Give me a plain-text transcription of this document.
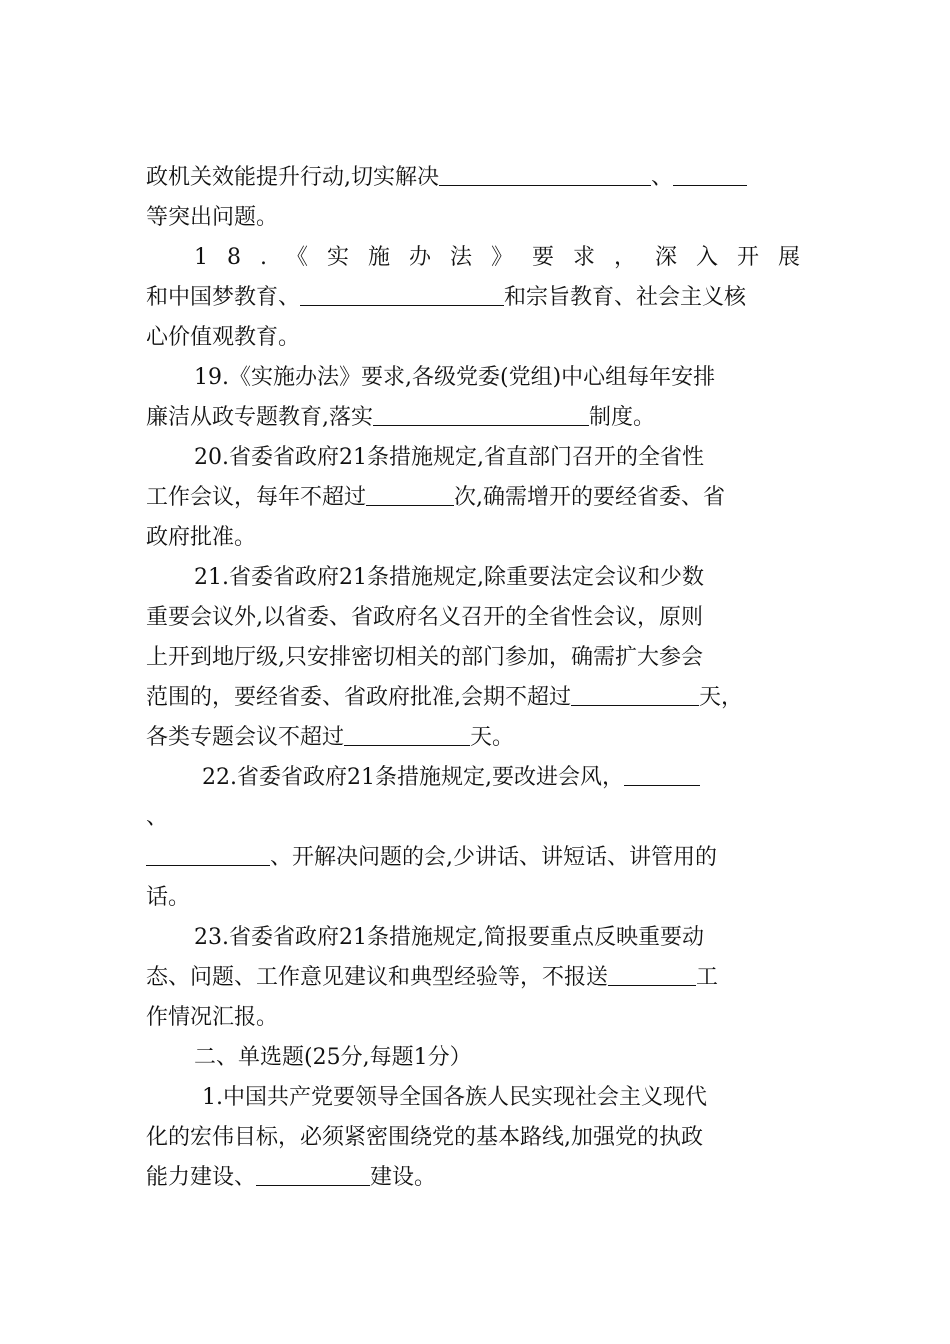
政机关效能提升行动,切实解决	、
等突出问题。
18.《实施办法》要求，深入开展
和中国梦教育、	和宗旨教育、社会主义核
心价值观教育。
19.《实施办法》要求,各级党委(党组)中心组每年安排
廉洁从政专题教育,落实	制度。
20.省委省政府21条措施规定,省直部门召开的全省性
工作会议，每年不超过	次,确需增开的要经省委、省
政府批准。
21.省委省政府21条措施规定,除重要法定会议和少数
重要会议外,以省委、省政府名义召开的全省性会议，原则
上开到地厅级,只安排密切相关的部门参加，确需扩大参会
范围的，要经省委、省政府批准,会期不超过	天，
各类专题会议不超过	天。
22.省委省政府21条措施规定,要改进会风，
、
、开解决问题的会,少讲话、讲短话、讲管用的
话。
23.省委省政府21条措施规定,简报要重点反映重要动
态、问题、工作意见建议和典型经验等，不报送	工
作情况汇报。
二、单选题(25分,每题1分）
1.中国共产党要领导全国各族人民实现社会主义现代
化的宏伟目标，必须紧密围绕党的基本路线,加强党的执政
能力建设、	建设。
